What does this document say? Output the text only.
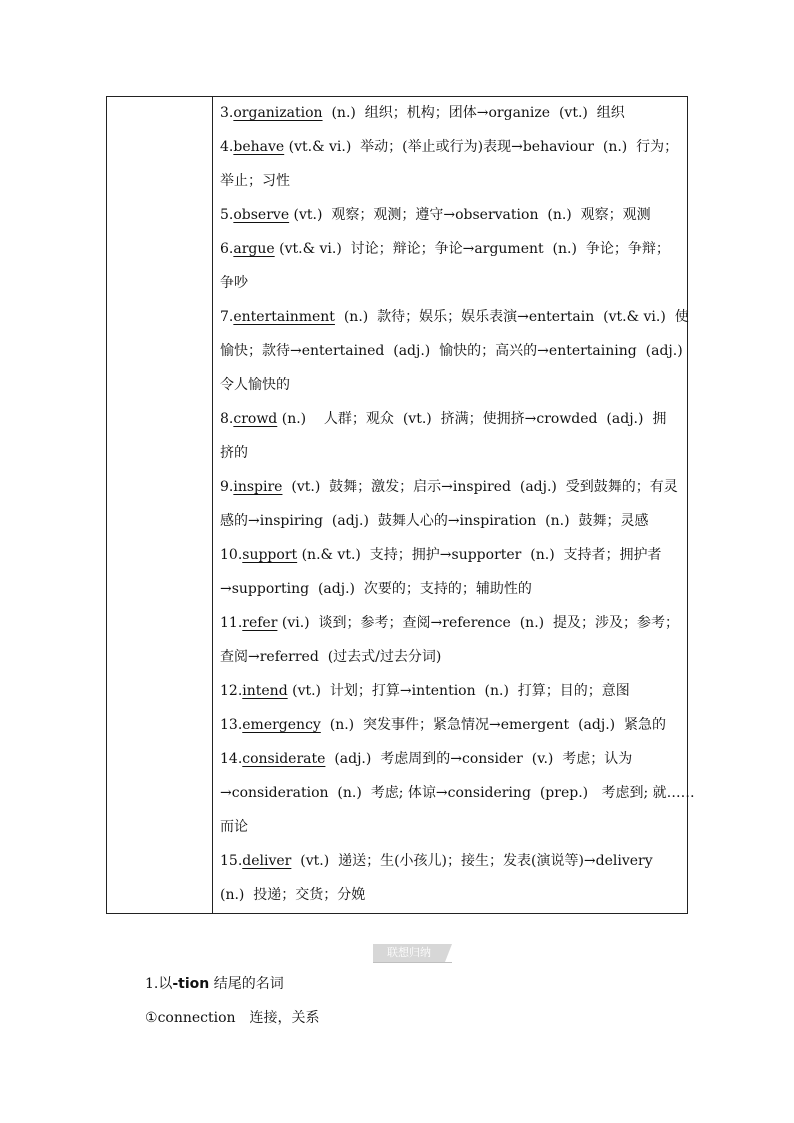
3.organization  (n.)  组织；机构；团体→organize  (vt.)  组织
4.behave (vt.& vi.)  举动；(举止或行为)表现→behaviour  (n.)  行为；
举止；习性
5.observe (vt.)  观察；观测；遵守→observation  (n.)  观察；观测
6.argue (vt.& vi.)  讨论；辩论；争论→argument  (n.)  争论；争辩；
争吵
7.entertainment  (n.)  款待；娱乐；娱乐表演→entertain  (vt.& vi.)  使
愉快；款待→entertained  (adj.)  愉快的；高兴的→entertaining  (adj.)
令人愉快的
8.crowd (n.)    人群；观众  (vt.)  挤满；使拥挤→crowded  (adj.)  拥
挤的
9.inspire  (vt.)  鼓舞；激发；启示→inspired  (adj.)  受到鼓舞的；有灵
感的→inspiring  (adj.)  鼓舞人心的→inspiration  (n.)  鼓舞；灵感
10.support (n.& vt.)  支持；拥护→supporter  (n.)  支持者；拥护者
→supporting  (adj.)  次要的；支持的；辅助性的
11.refer (vi.)  谈到；参考；查阅→reference  (n.)  提及；涉及；参考；
查阅→referred  (过去式/过去分词)
12.intend (vt.)  计划；打算→intention  (n.)  打算；目的；意图
13.emergency  (n.)  突发事件；紧急情况→emergent  (adj.)  紧急的
14.considerate  (adj.)  考虑周到的→consider  (v.)  考虑；认为
→consideration  (n.)  考虑; 体谅→considering  (prep.)   考虑到; 就……
而论
15.deliver  (vt.)  递送；生(小孩儿)；接生；发表(演说等)→delivery
(n.)  投递；交货；分娩
联想归纳
1.以-tion 结尾的名词
①connection 连接，关系
